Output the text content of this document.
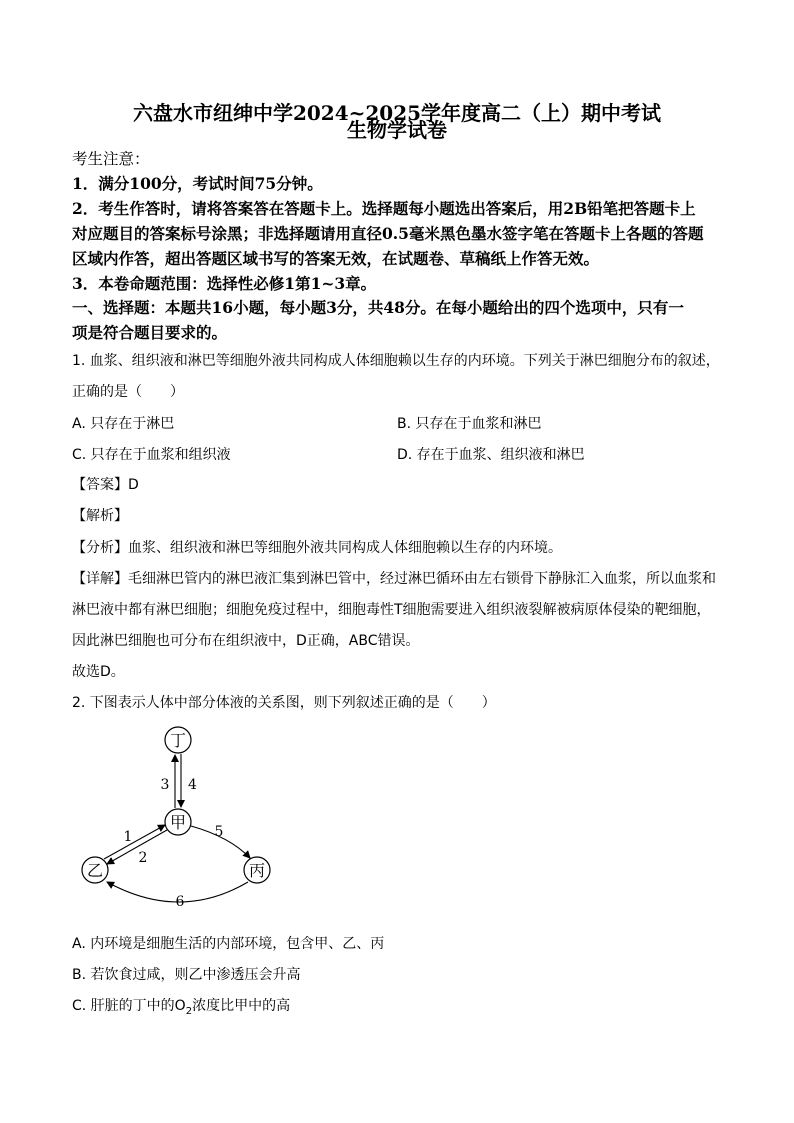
六盘水市纽绅中学2024~2025学年度高二（上）期中考试
生物学试卷
考生注意：
1．满分100分，考试时间75分钟。
2．考生作答时，请将答案答在答题卡上。选择题每小题选出答案后，用2B铅笔把答题卡上
对应题目的答案标号涂黑；非选择题请用直径0.5毫米黑色墨水签字笔在答题卡上各题的答题
区域内作答，超出答题区域书写的答案无效，在试题卷、草稿纸上作答无效。
3．本卷命题范围：选择性必修1第1~3章。
一、选择题：本题共16小题，每小题3分，共48分。在每小题给出的四个选项中，只有一
项是符合题目要求的。
1. 血浆、组织液和淋巴等细胞外液共同构成人体细胞赖以生存的内环境。下列关于淋巴细胞分布的叙述，
正确的是（　　）
A. 只存在于淋巴	B. 只存在于血浆和淋巴
C. 只存在于血浆和组织液	D. 存在于血浆、组织液和淋巴
【答案】D
【解析】
【分析】血浆、组织液和淋巴等细胞外液共同构成人体细胞赖以生存的内环境。
【详解】毛细淋巴管内的淋巴液汇集到淋巴管中，经过淋巴循环由左右锁骨下静脉汇入血浆，所以血浆和
淋巴液中都有淋巴细胞；细胞免疫过程中，细胞毒性T细胞需要进入组织液裂解被病原体侵染的靶细胞，
因此淋巴细胞也可分布在组织液中，D正确，ABC错误。
故选D。
2. 下图表示人体中部分体液的关系图，则下列叙述正确的是（　　）
丁
甲
乙	丙
3 4
1
2
5
6
A. 内环境是细胞生活的内部环境，包含甲、乙、丙
B. 若饮食过咸，则乙中渗透压会升高
C. 肝脏的丁中的$O_2$浓度比甲中的高
